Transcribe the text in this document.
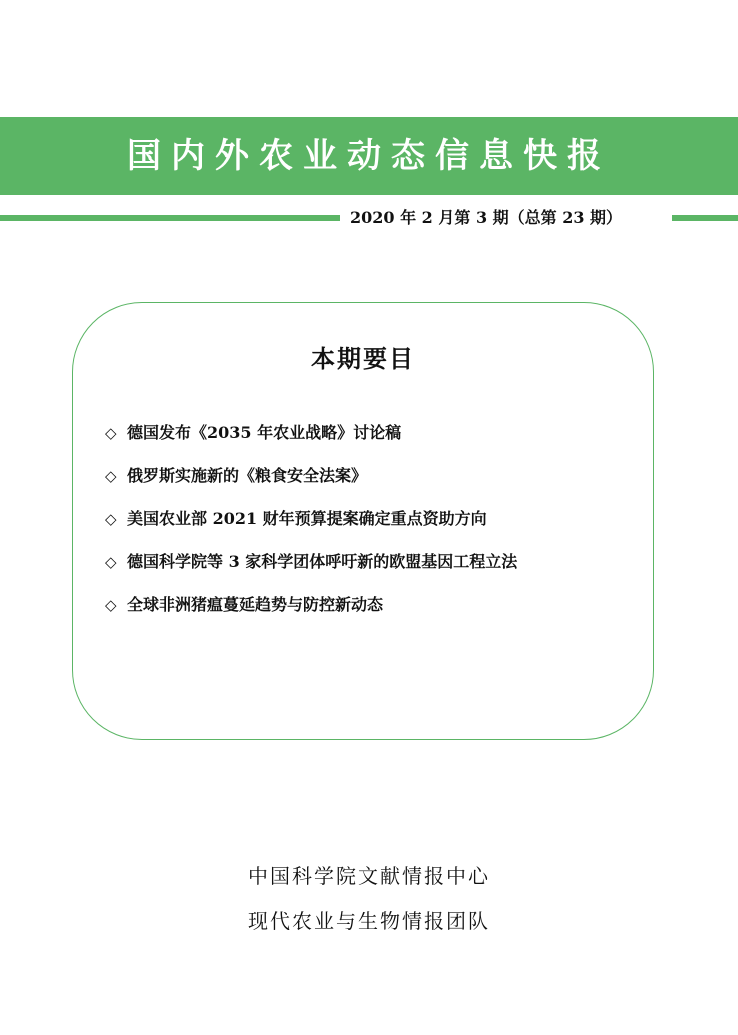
国内外农业动态信息快报
2020 年 2 月第 3 期（总第 23 期）
本期要目
◇ 德国发布《2035 年农业战略》讨论稿
◇ 俄罗斯实施新的《粮食安全法案》
◇ 美国农业部 2021 财年预算提案确定重点资助方向
◇ 德国科学院等 3 家科学团体呼吁新的欧盟基因工程立法
◇ 全球非洲猪瘟蔓延趋势与防控新动态
中国科学院文献情报中心
现代农业与生物情报团队
